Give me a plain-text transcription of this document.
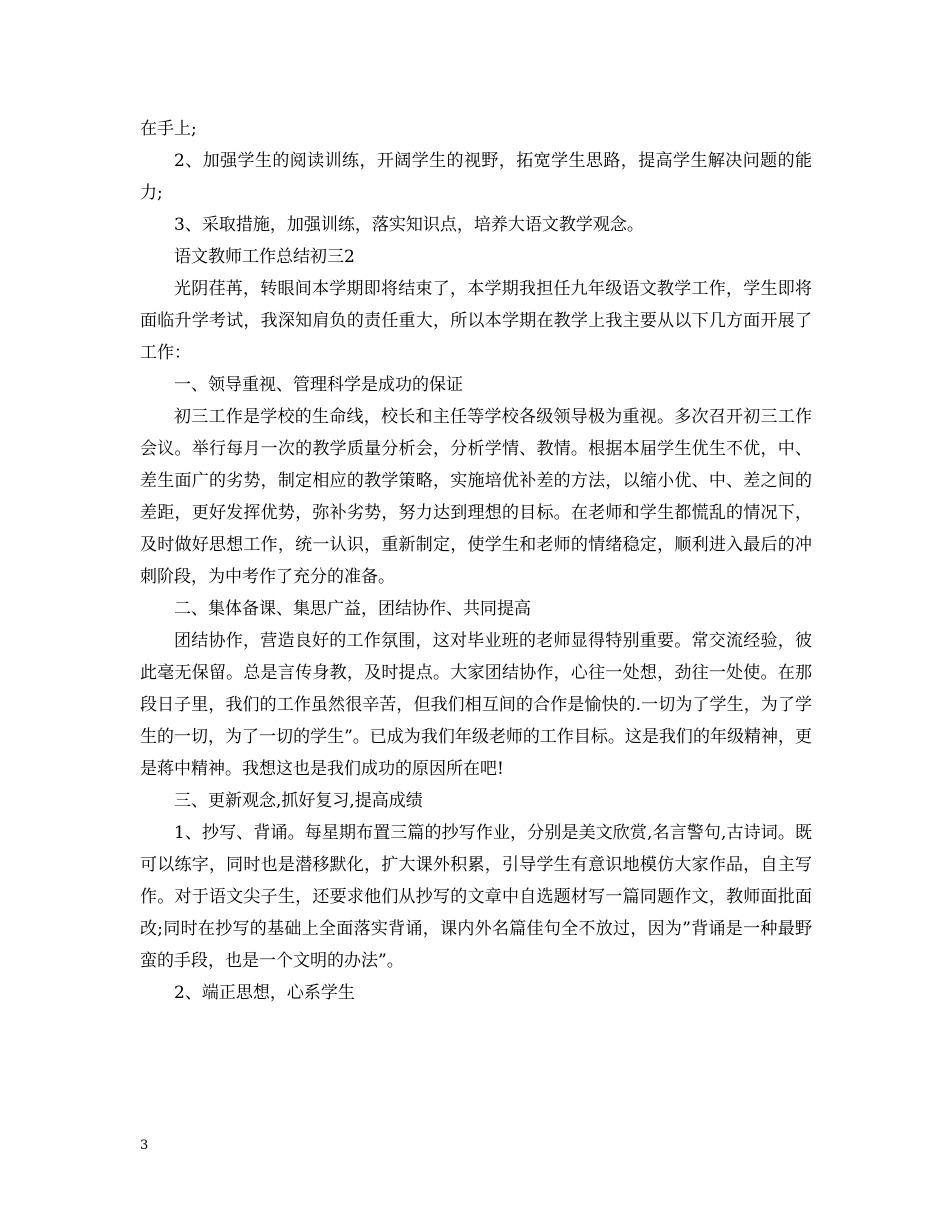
在手上;

2、加强学生的阅读训练，开阔学生的视野，拓宽学生思路，提高学生解决问题的能力;

3、采取措施，加强训练，落实知识点，培养大语文教学观念。

语文教师工作总结初三2

光阴荏苒，转眼间本学期即将结束了，本学期我担任九年级语文教学工作，学生即将面临升学考试，我深知肩负的责任重大，所以本学期在教学上我主要从以下几方面开展了工作：

一、领导重视、管理科学是成功的保证

初三工作是学校的生命线，校长和主任等学校各级领导极为重视。多次召开初三工作会议。举行每月一次的教学质量分析会，分析学情、教情。根据本届学生优生不优，中、差生面广的劣势，制定相应的教学策略，实施培优补差的方法，以缩小优、中、差之间的差距，更好发挥优势，弥补劣势，努力达到理想的目标。在老师和学生都慌乱的情况下，及时做好思想工作，统一认识，重新制定，使学生和老师的情绪稳定，顺利进入最后的冲刺阶段，为中考作了充分的准备。

二、集体备课、集思广益，团结协作、共同提高

团结协作，营造良好的工作氛围，这对毕业班的老师显得特别重要。常交流经验，彼此毫无保留。总是言传身教，及时提点。大家团结协作，心往一处想，劲往一处使。在那段日子里，我们的工作虽然很辛苦，但我们相互间的合作是愉快的.一切为了学生，为了学生的一切，为了一切的学生”。已成为我们年级老师的工作目标。这是我们的年级精神，更是蒋中精神。我想这也是我们成功的原因所在吧!

三、更新观念,抓好复习,提高成绩

1、抄写、背诵。每星期布置三篇的抄写作业，分别是美文欣赏,名言警句,古诗词。既可以练字，同时也是潜移默化，扩大课外积累，引导学生有意识地模仿大家作品，自主写作。对于语文尖子生，还要求他们从抄写的文章中自选题材写一篇同题作文，教师面批面改;同时在抄写的基础上全面落实背诵，课内外名篇佳句全不放过，因为”背诵是一种最野蛮的手段，也是一个文明的办法”。

2、端正思想，心系学生

3
